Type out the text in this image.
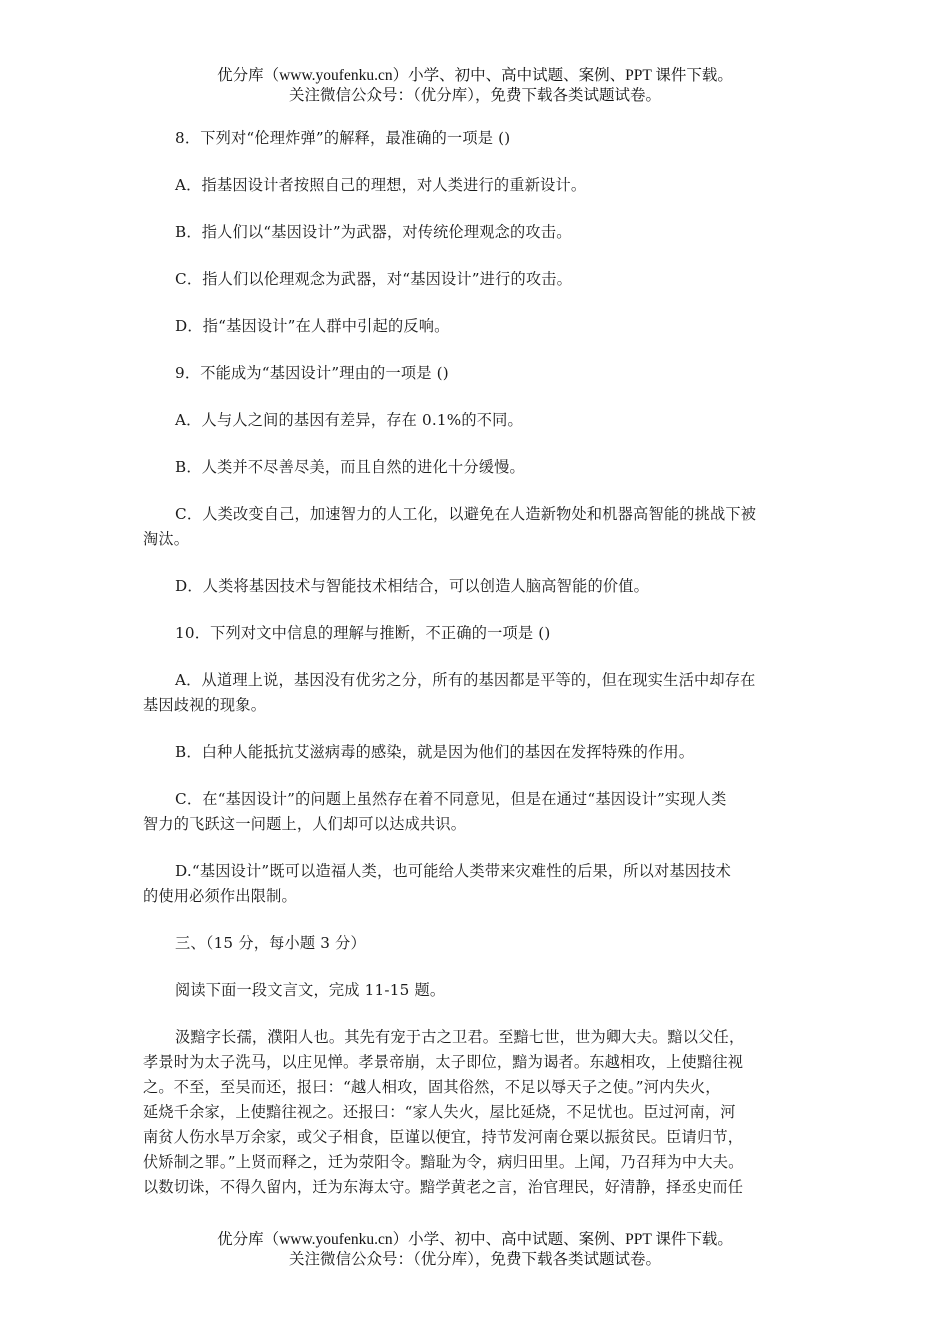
优分库（www.youfenku.cn）小学、初中、高中试题、案例、PPT 课件下载。
关注微信公众号：（优分库），免费下载各类试题试卷。

8．下列对“伦理炸弹”的解释，最准确的一项是 ()

A．指基因设计者按照自己的理想，对人类进行的重新设计。

B．指人们以“基因设计”为武器，对传统伦理观念的攻击。

C．指人们以伦理观念为武器，对“基因设计”进行的攻击。

D．指“基因设计”在人群中引起的反响。

9．不能成为“基因设计”理由的一项是 ()

A．人与人之间的基因有差异，存在 0.1%的不同。

B．人类并不尽善尽美，而且自然的进化十分缓慢。

C．人类改变自己，加速智力的人工化，以避免在人造新物处和机器高智能的挑战下被
淘汰。

D．人类将基因技术与智能技术相结合，可以创造人脑高智能的价值。

10．下列对文中信息的理解与推断，不正确的一项是 ()

A．从道理上说，基因没有优劣之分，所有的基因都是平等的，但在现实生活中却存在
基因歧视的现象。

B．白种人能抵抗艾滋病毒的感染，就是因为他们的基因在发挥特殊的作用。

C．在“基因设计”的问题上虽然存在着不同意见，但是在通过“基因设计”实现人类
智力的飞跃这一问题上，人们却可以达成共识。
D.“基因设计”既可以造福人类，也可能给人类带来灾难性的后果，所以对基因技术
的使用必须作出限制。

三、（15 分，每小题 3 分）

阅读下面一段文言文，完成 11-15 题。

汲黯字长孺，濮阳人也。其先有宠于古之卫君。至黯七世，世为卿大夫。黯以父任，
孝景时为太子洗马，以庄见惮。孝景帝崩，太子即位，黯为谒者。东越相攻，上使黯往视
之。不至，至吴而还，报曰：“越人相攻，固其俗然，不足以辱天子之使。”河内失火，
延烧千余家，上使黯往视之。还报曰：“家人失火，屋比延烧，不足忧也。臣过河南，河
南贫人伤水旱万余家，或父子相食，臣谨以便宜，持节发河南仓粟以振贫民。臣请归节，
伏矫制之罪。”上贤而释之，迁为荥阳令。黯耻为令，病归田里。上闻，乃召拜为中大夫。
以数切诛，不得久留内，迁为东海太守。黯学黄老之言，治官理民，好清静，择丞史而任
优分库（www.youfenku.cn）小学、初中、高中试题、案例、PPT 课件下载。
关注微信公众号：（优分库），免费下载各类试题试卷。
